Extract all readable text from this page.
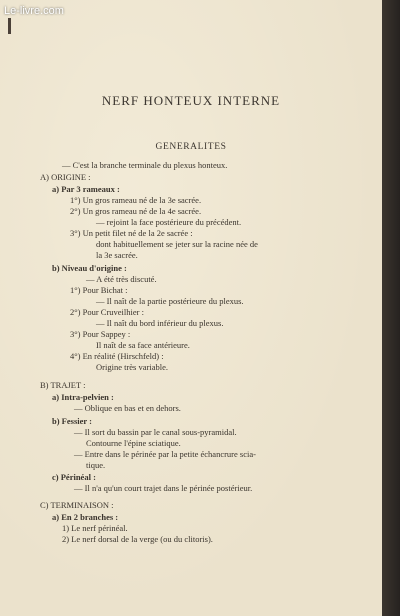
Le-livre.com
NERF HONTEUX INTERNE
GENERALITES
— C'est la branche terminale du plexus honteux.
A) ORIGINE :
a) Par 3 rameaux :
1°) Un gros rameau né de la 3e sacrée.
2°) Un gros rameau né de la 4e sacrée.
— rejoint la face postérieure du précédent.
3°) Un petit filet né de la 2e sacrée :
dont habituellement se jeter sur la racine née de
la 3e sacrée.
b) Niveau d'origine :
— A été très discuté.
1°) Pour Bichat :
— Il naît de la partie postérieure du plexus.
2°) Pour Cruveilhier :
— Il naît du bord inférieur du plexus.
3°) Pour Sappey :
Il naît de sa face antérieure.
4°) En réalité (Hirschfeld) :
Origine très variable.
B) TRAJET :
a) Intra-pelvien :
— Oblique en bas et en dehors.
b) Fessier :
— Il sort du bassin par le canal sous-pyramidal.
Contourne l'épine sciatique.
— Entre dans le périnée par la petite échancrure scia-
tique.
c) Périnéal :
— Il n'a qu'un court trajet dans le périnée postérieur.
C) TERMINAISON :
a) En 2 branches :
1) Le nerf périnéal.
2) Le nerf dorsal de la verge (ou du clitoris).
